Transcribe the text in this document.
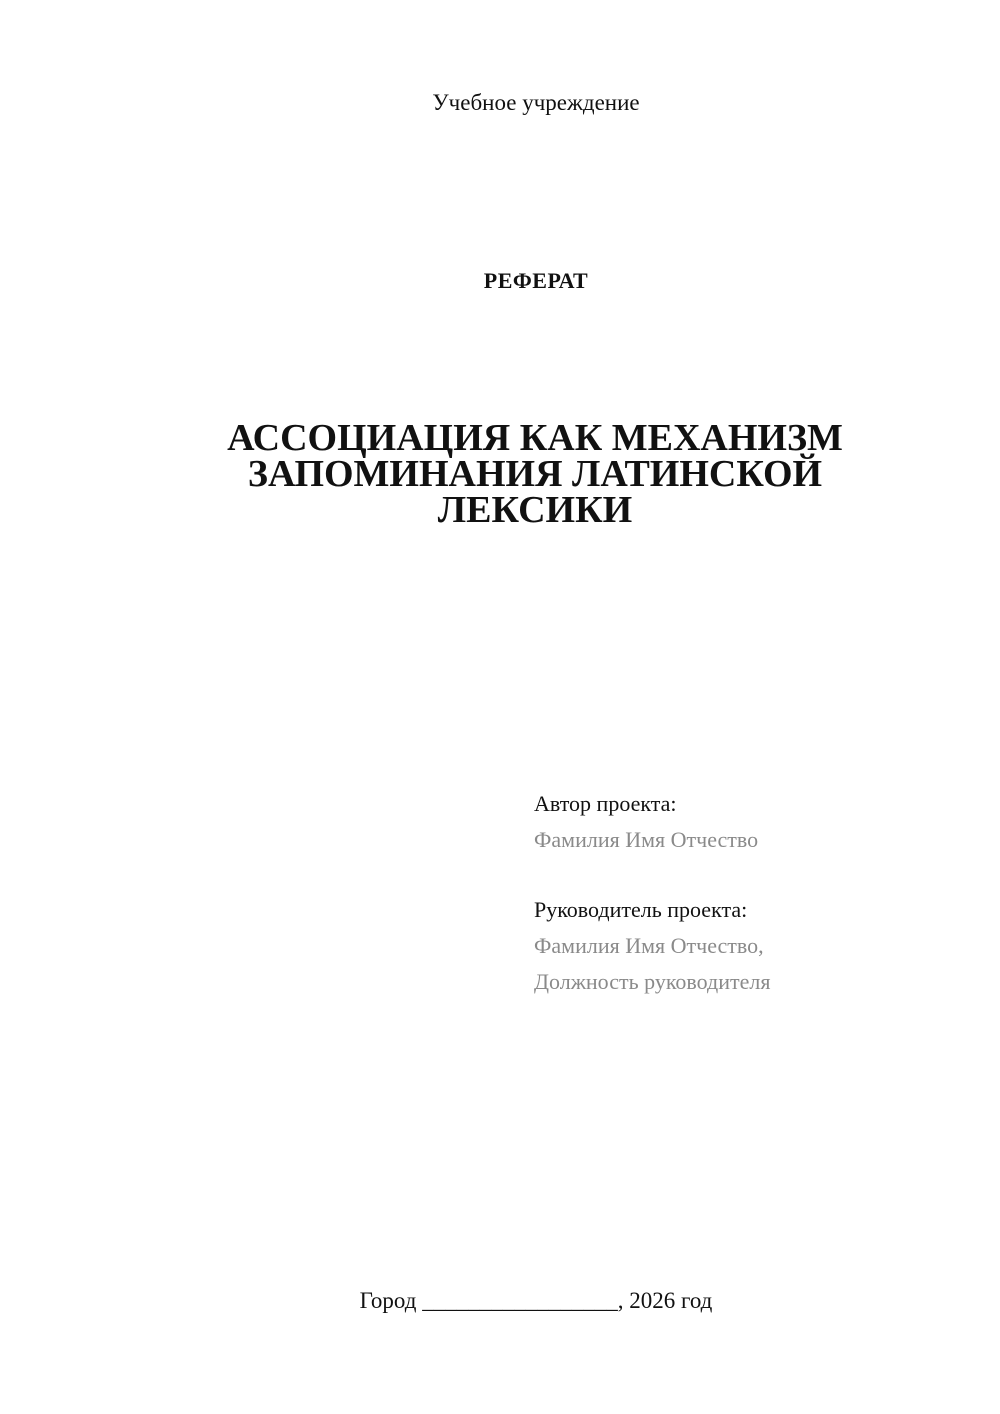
Учебное учреждение
РЕФЕРАТ
АССОЦИАЦИЯ КАК МЕХАНИЗМ
ЗАПОМИНАНИЯ ЛАТИНСКОЙ
ЛЕКСИКИ
Автор проекта:
Фамилия Имя Отчество
Руководитель проекта:
Фамилия Имя Отчество,
Должность руководителя
Город _________________, 2026 год
